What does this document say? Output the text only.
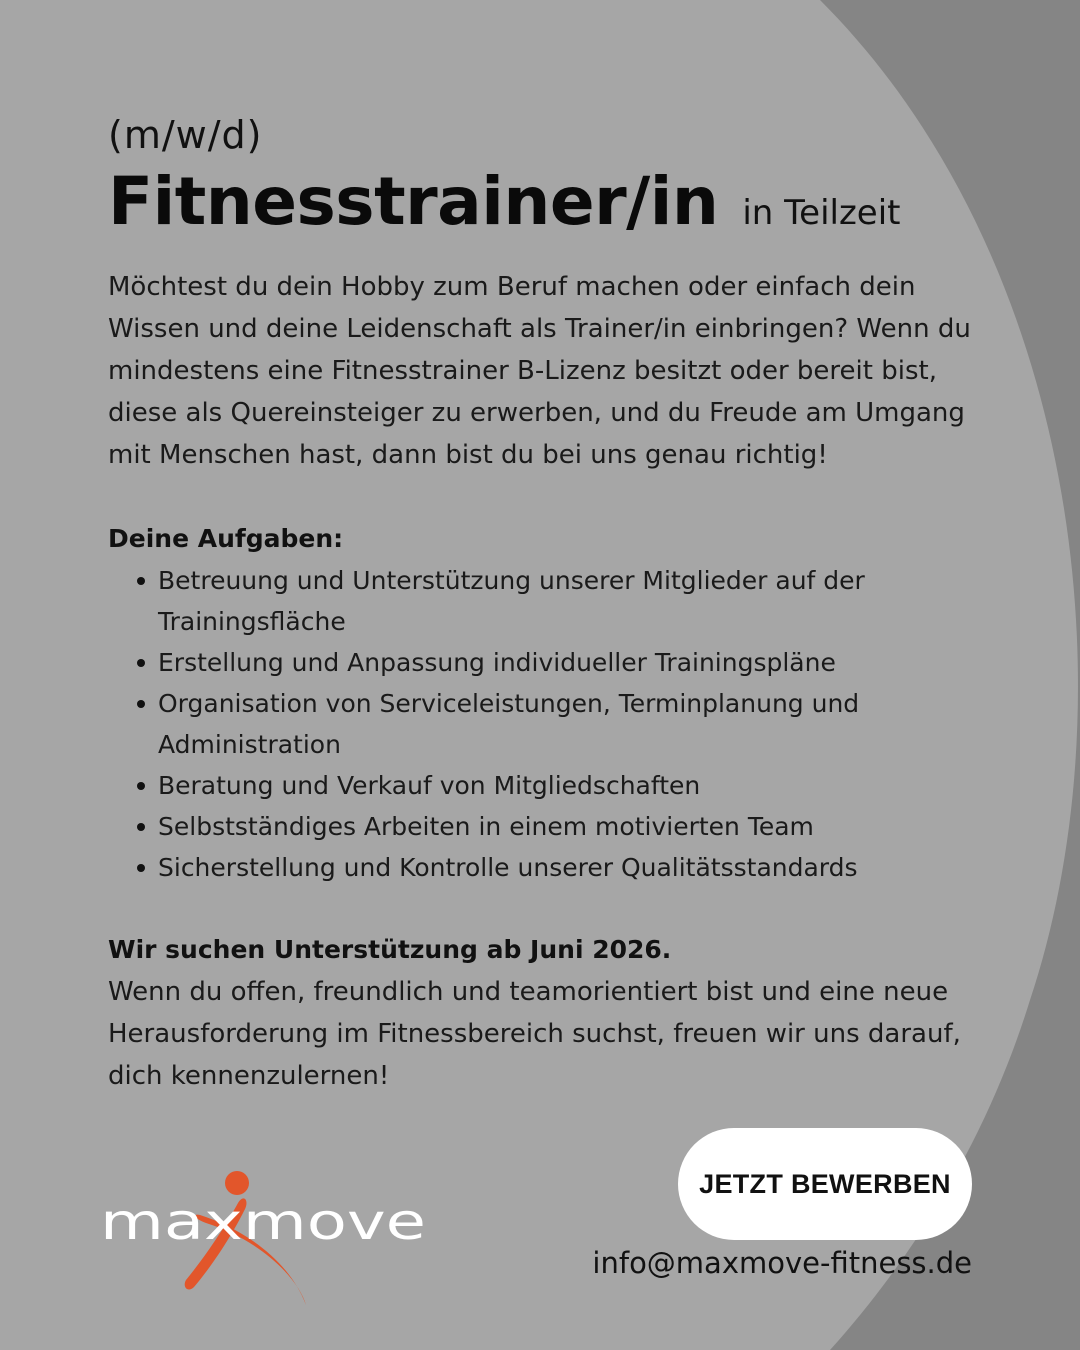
(m/w/d)

Fitnesstrainer/in in Teilzeit

Möchtest du dein Hobby zum Beruf machen oder einfach dein Wissen und deine Leidenschaft als Trainer/in einbringen? Wenn du mindestens eine Fitnesstrainer B-Lizenz besitzt oder bereit bist, diese als Quereinsteiger zu erwerben, und du Freude am Umgang mit Menschen hast, dann bist du bei uns genau richtig!

Deine Aufgaben:

Betreuung und Unterstützung unserer Mitglieder auf der Trainingsfläche
Erstellung und Anpassung individueller Trainingspläne
Organisation von Serviceleistungen, Terminplanung und Administration
Beratung und Verkauf von Mitgliedschaften
Selbstständiges Arbeiten in einem motivierten Team
Sicherstellung und Kontrolle unserer Qualitätsstandards

Wir suchen Unterstützung ab Juni 2026.

Wenn du offen, freundlich und teamorientiert bist und eine neue Herausforderung im Fitnessbereich suchst, freuen wir uns darauf, dich kennenzulernen!

maxmove
JETZT BEWERBEN
info@maxmove-fitness.de
